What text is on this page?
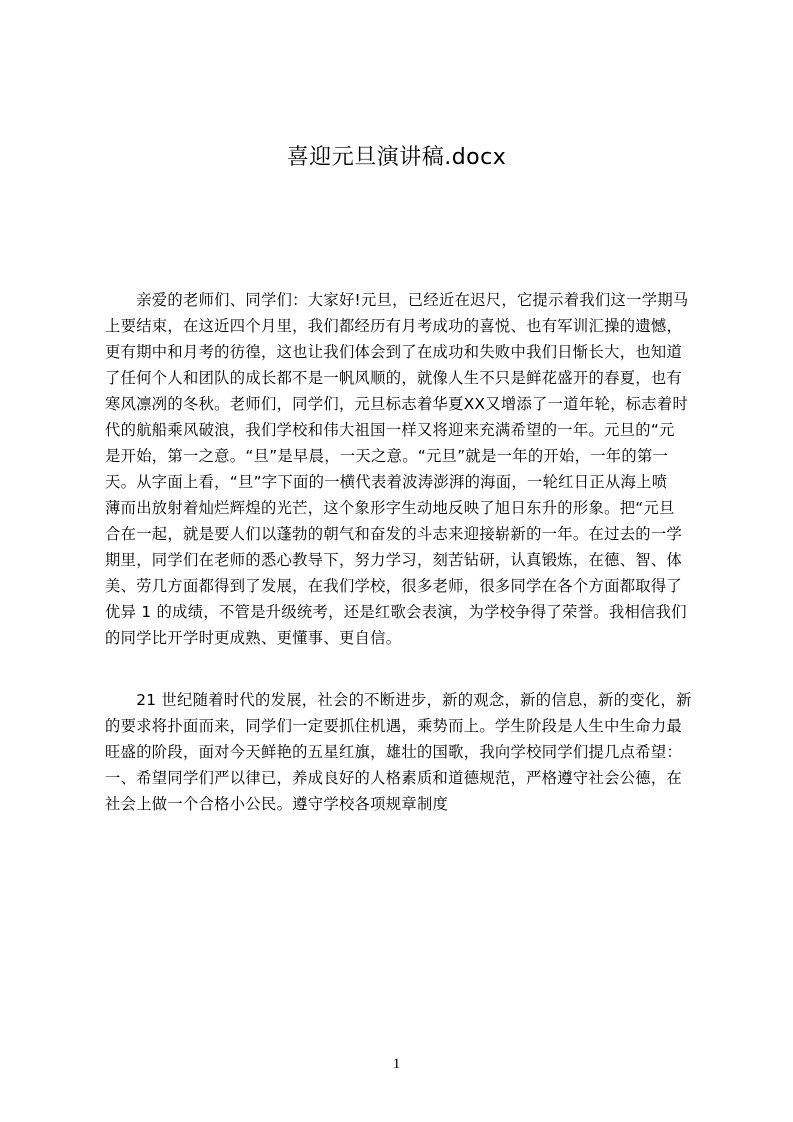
喜迎元旦演讲稿.docx

　　亲爱的老师们、同学们：大家好!元旦，已经近在迟尺，它提示着我们这一学期马

上要结束，在这近四个月里，我们都经历有月考成功的喜悦、也有军训汇操的遗憾，

更有期中和月考的彷徨，这也让我们体会到了在成功和失败中我们日惭长大，也知道

了任何个人和团队的成长都不是一帆风顺的，就像人生不只是鲜花盛开的春夏，也有

寒风凛冽的冬秋。老师们，同学们，元旦标志着华夏XX又增添了一道年轮，标志着时

代的航船乘风破浪，我们学校和伟大祖国一样又将迎来充满希望的一年。元旦的“元

是开始，第一之意。“旦”是早晨，一天之意。“元旦”就是一年的开始，一年的第一

天。从字面上看，“旦”字下面的一横代表着波涛澎湃的海面，一轮红日正从海上喷

薄而出放射着灿烂辉煌的光芒，这个象形字生动地反映了旭日东升的形象。把“元旦

合在一起，就是要人们以蓬勃的朝气和奋发的斗志来迎接崭新的一年。在过去的一学

期里，同学们在老师的悉心教导下，努力学习，刻苦钻研，认真锻炼，在德、智、体

美、劳几方面都得到了发展，在我们学校，很多老师，很多同学在各个方面都取得了

优异 1 的成绩，不管是升级统考，还是红歌会表演，为学校争得了荣誉。我相信我们

的同学比开学时更成熟、更懂事、更自信。

　　21 世纪随着时代的发展，社会的不断进步，新的观念，新的信息，新的变化，新

的要求将扑面而来，同学们一定要抓住机遇，乘势而上。学生阶段是人生中生命力最

旺盛的阶段，面对今天鲜艳的五星红旗，雄壮的国歌，我向学校同学们提几点希望：

一、希望同学们严以律已，养成良好的人格素质和道德规范，严格遵守社会公德，在

社会上做一个合格小公民。遵守学校各项规章制度

1
